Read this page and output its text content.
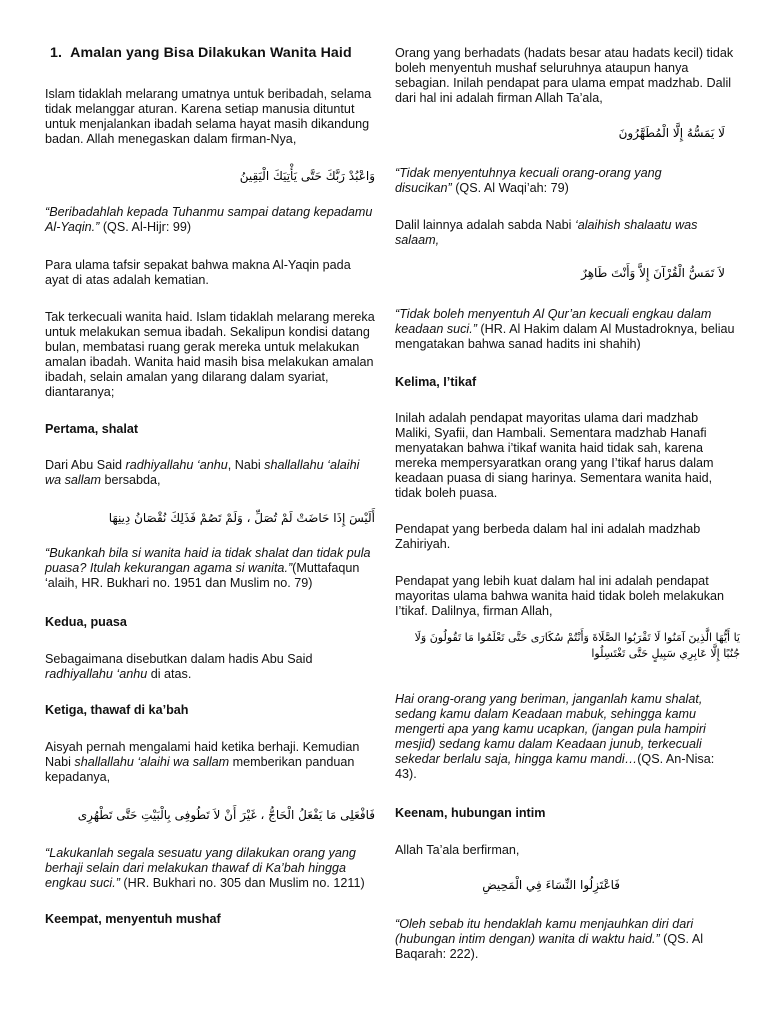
1. Amalan yang Bisa Dilakukan Wanita Haid

Islam tidaklah melarang umatnya untuk beribadah, selama tidak melanggar aturan. Karena setiap manusia dituntut untuk menjalankan ibadah selama hayat masih dikandung badan. Allah menegaskan dalam firman-Nya,

وَاعْبُدْ رَبَّكَ حَتَّى يَأْتِيَكَ الْيَقِينُ

“Beribadahlah kepada Tuhanmu sampai datang kepadamu Al-Yaqin.” (QS. Al-Hijr: 99)

Para ulama tafsir sepakat bahwa makna Al-Yaqin pada ayat di atas adalah kematian.

Tak terkecuali wanita haid. Islam tidaklah melarang mereka untuk melakukan semua ibadah. Sekalipun kondisi datang bulan, membatasi ruang gerak mereka untuk melakukan amalan ibadah. Wanita haid masih bisa melakukan amalan ibadah, selain amalan yang dilarang dalam syariat, diantaranya;

Pertama, shalat

Dari Abu Said radhiyallahu ‘anhu, Nabi shallallahu ‘alaihi wa sallam bersabda,

أَلَيْسَ إِذَا حَاضَتْ لَمْ تُصَلِّ ، وَلَمْ تَصُمْ فَذَلِكَ نُقْصَانُ دِينِهَا

“Bukankah bila si wanita haid ia tidak shalat dan tidak pula puasa? Itulah kekurangan agama si wanita.”(Muttafaqun ‘alaih, HR. Bukhari no. 1951 dan Muslim no. 79)

Kedua, puasa

Sebagaimana disebutkan dalam hadis Abu Said radhiyallahu ‘anhu di atas.

Ketiga, thawaf di ka’bah

Aisyah pernah mengalami haid ketika berhaji. Kemudian Nabi shallallahu ‘alaihi wa sallam memberikan panduan kepadanya,

فَافْعَلِى مَا يَفْعَلُ الْحَاجُّ ، غَيْرَ أَنْ لاَ تَطُوفِى بِالْبَيْتِ حَتَّى تَطْهُرِى

“Lakukanlah segala sesuatu yang dilakukan orang yang berhaji selain dari melakukan thawaf di Ka’bah hingga engkau suci.” (HR. Bukhari no. 305 dan Muslim no. 1211)

Keempat, menyentuh mushaf

Orang yang berhadats (hadats besar atau hadats kecil) tidak boleh menyentuh mushaf seluruhnya ataupun hanya sebagian. Inilah pendapat para ulama empat madzhab. Dalil dari hal ini adalah firman Allah Ta’ala,

لَا يَمَسُّهُ إِلَّا الْمُطَهَّرُونَ

“Tidak menyentuhnya kecuali orang-orang yang disucikan” (QS. Al Waqi’ah: 79)

Dalil lainnya adalah sabda Nabi ‘alaihish shalaatu was salaam,

لاَ تَمَسُّ الْقُرْآنَ إِلاَّ وَأَنْتَ طَاهِرٌ

“Tidak boleh menyentuh Al Qur’an kecuali engkau dalam keadaan suci.” (HR. Al Hakim dalam Al Mustadroknya, beliau mengatakan bahwa sanad hadits ini shahih)

Kelima, I’tikaf

Inilah adalah pendapat mayoritas ulama dari madzhab Maliki, Syafii, dan Hambali. Sementara madzhab Hanafi menyatakan bahwa i’tikaf wanita haid tidak sah, karena mereka mempersyaratkan orang yang I’tikaf harus dalam keadaan puasa di siang harinya. Sementara wanita haid, tidak boleh puasa.

Pendapat yang berbeda dalam hal ini adalah madzhab Zahiriyah.

Pendapat yang lebih kuat dalam hal ini adalah pendapat mayoritas ulama bahwa wanita haid tidak boleh melakukan I’tikaf. Dalilnya, firman Allah,

يَا أَيُّهَا الَّذِينَ آمَنُوا لَا تَقْرَبُوا الصَّلَاةَ وَأَنْتُمْ سُكَارَى حَتَّى تَعْلَمُوا مَا تَقُولُونَ وَلَا جُنُبًا إِلَّا عَابِرِي سَبِيلٍ حَتَّى تَغْتَسِلُوا

Hai orang-orang yang beriman, janganlah kamu shalat, sedang kamu dalam Keadaan mabuk, sehingga kamu mengerti apa yang kamu ucapkan, (jangan pula hampiri mesjid) sedang kamu dalam Keadaan junub, terkecuali sekedar berlalu saja, hingga kamu mandi…(QS. An-Nisa: 43).

Keenam, hubungan intim

Allah Ta’ala berfirman,

فَاعْتَزِلُوا النِّسَاءَ فِي الْمَحِيضِ

“Oleh sebab itu hendaklah kamu menjauhkan diri dari (hubungan intim dengan) wanita di waktu haid.” (QS. Al Baqarah: 222).
